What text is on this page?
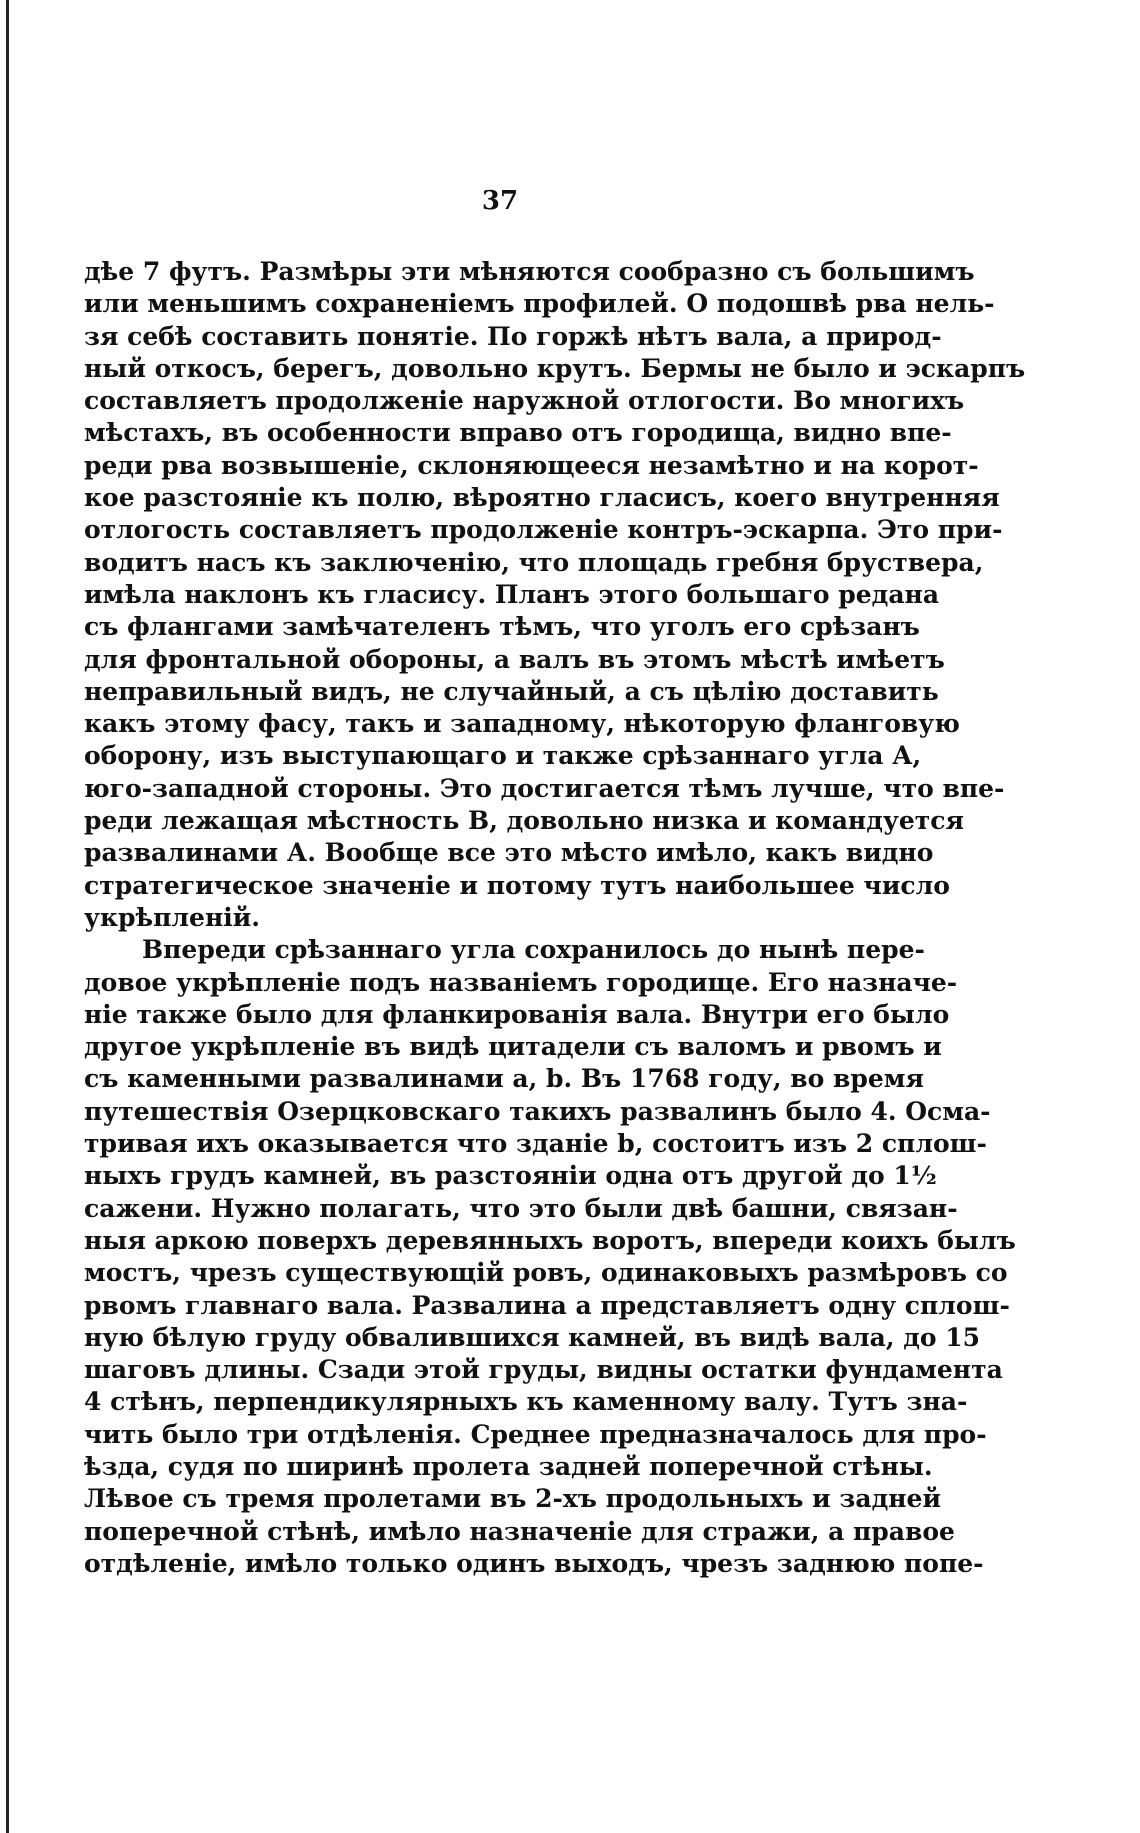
37
дѣе 7 футъ. Размѣры эти мѣняются сообразно съ большимъ
или меньшимъ сохраненіемъ профилей. О подошвѣ рва нель-
зя себѣ составить понятіе. По горжѣ нѣтъ вала, а природ-
ный откосъ, берегъ, довольно крутъ. Бермы не было и эскарпъ
составляетъ продолженіе наружной отлогости. Во многихъ
мѣстахъ, въ особенности вправо отъ городища, видно впе-
реди рва возвышеніе, склоняющееся незамѣтно и на корот-
кое разстояніе къ полю, вѣроятно гласисъ, коего внутренняя
отлогость составляетъ продолженіе контръ-эскарпа. Это при-
водитъ насъ къ заключенію, что площадь гребня бруствера,
имѣла наклонъ къ гласису. Планъ этого большаго редана
съ флангами замѣчателенъ тѣмъ, что уголъ его срѣзанъ
для фронтальной обороны, а валъ въ этомъ мѣстѣ имѣетъ
неправильный видъ, не случайный, а съ цѣлію доставить
какъ этому фасу, такъ и западному, нѣкоторую фланговую
оборону, изъ выступающаго и также срѣзаннаго угла А,
юго-западной стороны. Это достигается тѣмъ лучше, что впе-
реди лежащая мѣстность В, довольно низка и командуется
развалинами А. Вообще все это мѣсто имѣло, какъ видно
стратегическое значеніе и потому тутъ наибольшее число
укрѣпленій.
Впереди срѣзаннаго угла сохранилось до нынѣ пере-
довое укрѣпленіе подъ названіемъ городище. Его назначе-
ніе также было для фланкированія вала. Внутри его было
другое укрѣпленіе въ видѣ цитадели съ валомъ и рвомъ и
съ каменными развалинами a, b. Въ 1768 году, во время
путешествія Озерцковскаго такихъ развалинъ было 4. Осма-
тривая ихъ оказывается что зданіе b, состоитъ изъ 2 сплош-
ныхъ грудъ камней, въ разстояніи одна отъ другой до 1½
сажени. Нужно полагать, что это были двѣ башни, связан-
ныя аркою поверхъ деревянныхъ воротъ, впереди коихъ былъ
мостъ, чрезъ существующій ровъ, одинаковыхъ размѣровъ со
рвомъ главнаго вала. Развалина a представляетъ одну сплош-
ную бѣлую груду обвалившихся камней, въ видѣ вала, до 15
шаговъ длины. Сзади этой груды, видны остатки фундамента
4 стѣнъ, перпендикулярныхъ къ каменному валу. Тутъ зна-
чить было три отдѣленія. Среднее предназначалось для про-
ѣзда, судя по ширинѣ пролета задней поперечной стѣны.
Лѣвое съ тремя пролетами въ 2-хъ продольныхъ и задней
поперечной стѣнѣ, имѣло назначеніе для стражи, а правое
отдѣленіе, имѣло только одинъ выходъ, чрезъ заднюю попе-
